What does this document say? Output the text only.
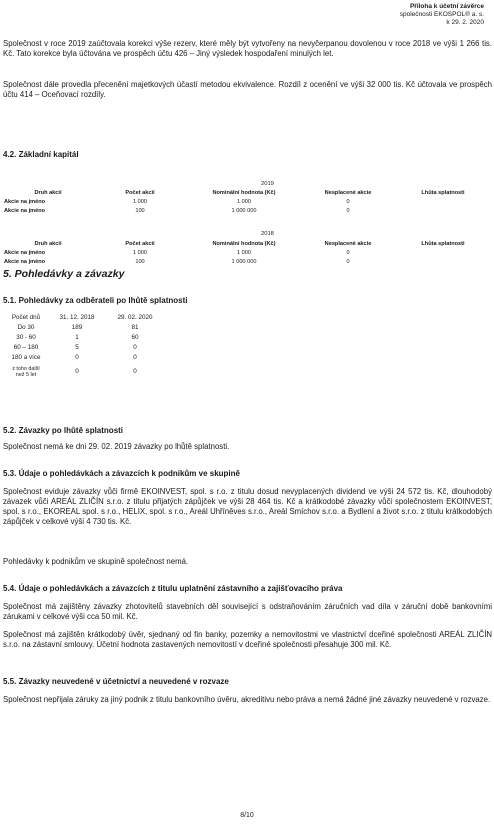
Příloha k účetní závěrce
společnosti EKOSPOL® a. s.
k 29. 2. 2020

Společnost v roce 2019 zaúčtovala korekci výše rezerv, které měly být vytvořeny na nevyčerpanou dovolenou v roce 2018 ve výši 1 266 tis. Kč. Tato korekce byla účtována ve prospěch účtu 426 – Jiný výsledek hospodaření minulých let.

Společnost dále provedla přecenění majetkových účastí metodou ekvivalence. Rozdíl z ocenění ve výši 32 000 tis. Kč účtovala ve prospěch účtu 414 – Oceňovací rozdíly.

4.2. Základní kapitál
2019
Druh akcií	Počet akcií	Nominální hodnota (Kč)	Nesplacené akcie	Lhůta splatnosti
Akcie na jméno	1 000	1 000	0	
Akcie na jméno	100	1 000 000	0	
2018
Druh akcií	Počet akcií	Nominální hodnota (Kč)	Nesplacené akcie	Lhůta splatnosti
Akcie na jméno	1 000	1 000	0	
Akcie na jméno	100	1 000 000	0	
5. Pohledávky a závazky
5.1. Pohledávky za odběrateli po lhůtě splatnosti
Počet dnů	31. 12. 2018	29. 02. 2020
Do 30	189	81
30 - 60	1	60
60 – 180	5	0
180 a více	0	0
z toho další
než 5 let	0	0
5.2. Závazky po lhůtě splatnosti

Společnost nemá ke dni 29. 02. 2019 závazky po lhůtě splatnosti.

5.3. Údaje o pohledávkách a závazcích k podnikům ve skupině

Společnost eviduje závazky vůči firmě EKOINVEST, spol. s r.o. z titulu dosud nevyplacených dividend ve výši 24 572 tis. Kč, dlouhodobý závazek vůči AREÁL ZLIČÍN s.r.o. z titulu přijatých zápůjček ve výši 28 464 tis. Kč a krátkodobé závazky vůči společnostem EKOINVEST, spol. s r.o., EKOREAL spol. s r.o., HELIX, spol. s r.o., Areál Uhříněves s.r.o., Areál Smíchov s.r.o. a Bydlení a život s.r.o. z titulu krátkodobých zápůjček v celkové výši 4 730 tis. Kč.

Pohledávky k podnikům ve skupině společnost nemá.

5.4. Údaje o pohledávkách a závazcích z titulu uplatnění zástavního a zajišťovacího práva

Společnost má zajištěny závazky zhotovitelů stavebních děl související s odstraňováním záručních vad díla v záruční době bankovními zárukami v celkové výši cca 50 mil. Kč.

Společnost má zajištěn krátkodobý úvěr, sjednaný od fin banky, pozemky a nemovitostmi ve vlastnictví dceřiné společnosti AREÁL ZLIČÍN s.r.o. na zástavní smlouvy. Účetní hodnota zastavených nemovitostí v dceřiné společnosti přesahuje 300 mil. Kč.

5.5. Závazky neuvedené v účetnictví a neuvedené v rozvaze

Společnost nepřijala záruky za jiný podnik z titulu bankovního úvěru, akreditivu nebo práva a nemá žádné jiné závazky neuvedené v rozvaze.

8/10
